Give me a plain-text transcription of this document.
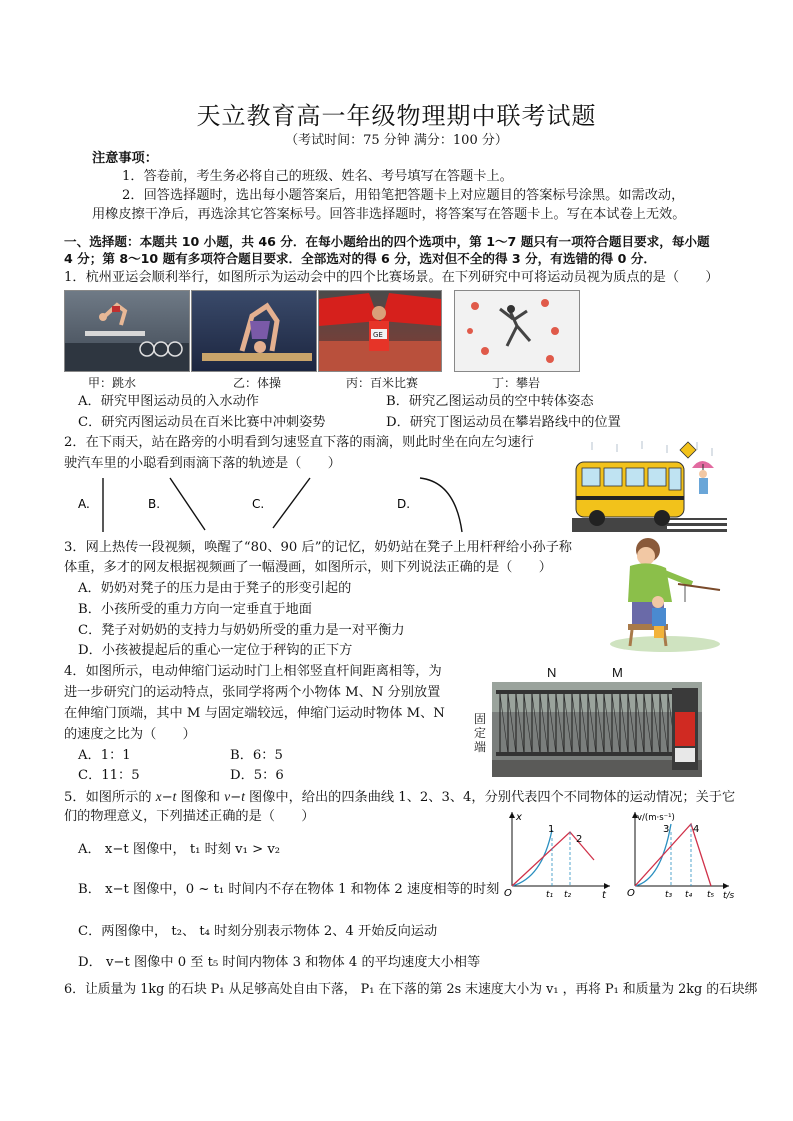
天立教育高一年级物理期中联考试题
（考试时间：75 分钟 满分：100 分）
注意事项：
1．答卷前，考生务必将自己的班级、姓名、考号填写在答题卡上。
2．回答选择题时，选出每小题答案后，用铅笔把答题卡上对应题目的答案标号涂黑。如需改动，
用橡皮擦干净后，再选涂其它答案标号。回答非选择题时，将答案写在答题卡上。写在本试卷上无效。
一、选择题：本题共 10 小题，共 46 分．在每小题给出的四个选项中，第 1～7 题只有一项符合题目要求，每小题
4 分；第 8～10 题有多项符合题目要求．全部选对的得 6 分，选对但不全的得 3 分，有选错的得 0 分．
1．杭州亚运会顺利举行，如图所示为运动会中的四个比赛场景。在下列研究中可将运动员视为质点的是（　　）
GE
甲：跳水	乙：体操	丙：百米比赛	丁：攀岩
A．研究甲图运动员的入水动作	B．研究乙图运动员的空中转体姿态
C．研究丙图运动员在百米比赛中冲刺姿势	D．研究丁图运动员在攀岩路线中的位置
2．在下雨天，站在路旁的小明看到匀速竖直下落的雨滴，则此时坐在向左匀速行
驶汽车里的小聪看到雨滴下落的轨迹是（　　）
A.	B.	C.	D.
3．网上热传一段视频，唤醒了“80、90 后”的记忆，奶奶站在凳子上用杆秤给小孙子称
体重，多才的网友根据视频画了一幅漫画，如图所示，则下列说法正确的是（　　）
A．奶奶对凳子的压力是由于凳子的形变引起的
B．小孩所受的重力方向一定垂直于地面
C．凳子对奶奶的支持力与奶奶所受的重力是一对平衡力
D．小孩被提起后的重心一定位于秤钩的正下方
4．如图所示，电动伸缩门运动时门上相邻竖直杆间距离相等，为
进一步研究门的运动特点，张同学将两个小物体 M、N 分别放置
在伸缩门顶端，其中 M 与固定端较远，伸缩门运动时物体 M、N
的速度之比为（　　）
A．1：1	B．6：5
C．11：5	D．5：6
N	M
固
定
端
5．如图所示的 x−t 图像和 v−t 图像中，给出的四条曲线 1、2、3、4，分别代表四个不同物体的运动情况；关于它
们的物理意义，下列描述正确的是（　　）
A． x−t 图像中， t₁ 时刻 v₁ > v₂
B． x−t 图像中，0 ~ t₁ 时间内不存在物体 1 和物体 2 速度相等的时刻
C．两图像中， t₂、 t₄ 时刻分别表示物体 2、4 开始反向运动
D． v−t 图像中 0 至 t₅ 时间内物体 3 和物体 4 的平均速度大小相等
x
t
O
1
2
t₁ t₂
v/(m·s⁻¹)
t/s
O
3 4
t₃ t₄ t₅
6．让质量为 1kg 的石块 P₁ 从足够高处自由下落， P₁ 在下落的第 2s 末速度大小为 v₁ ，再将 P₁ 和质量为 2kg 的石块绑
